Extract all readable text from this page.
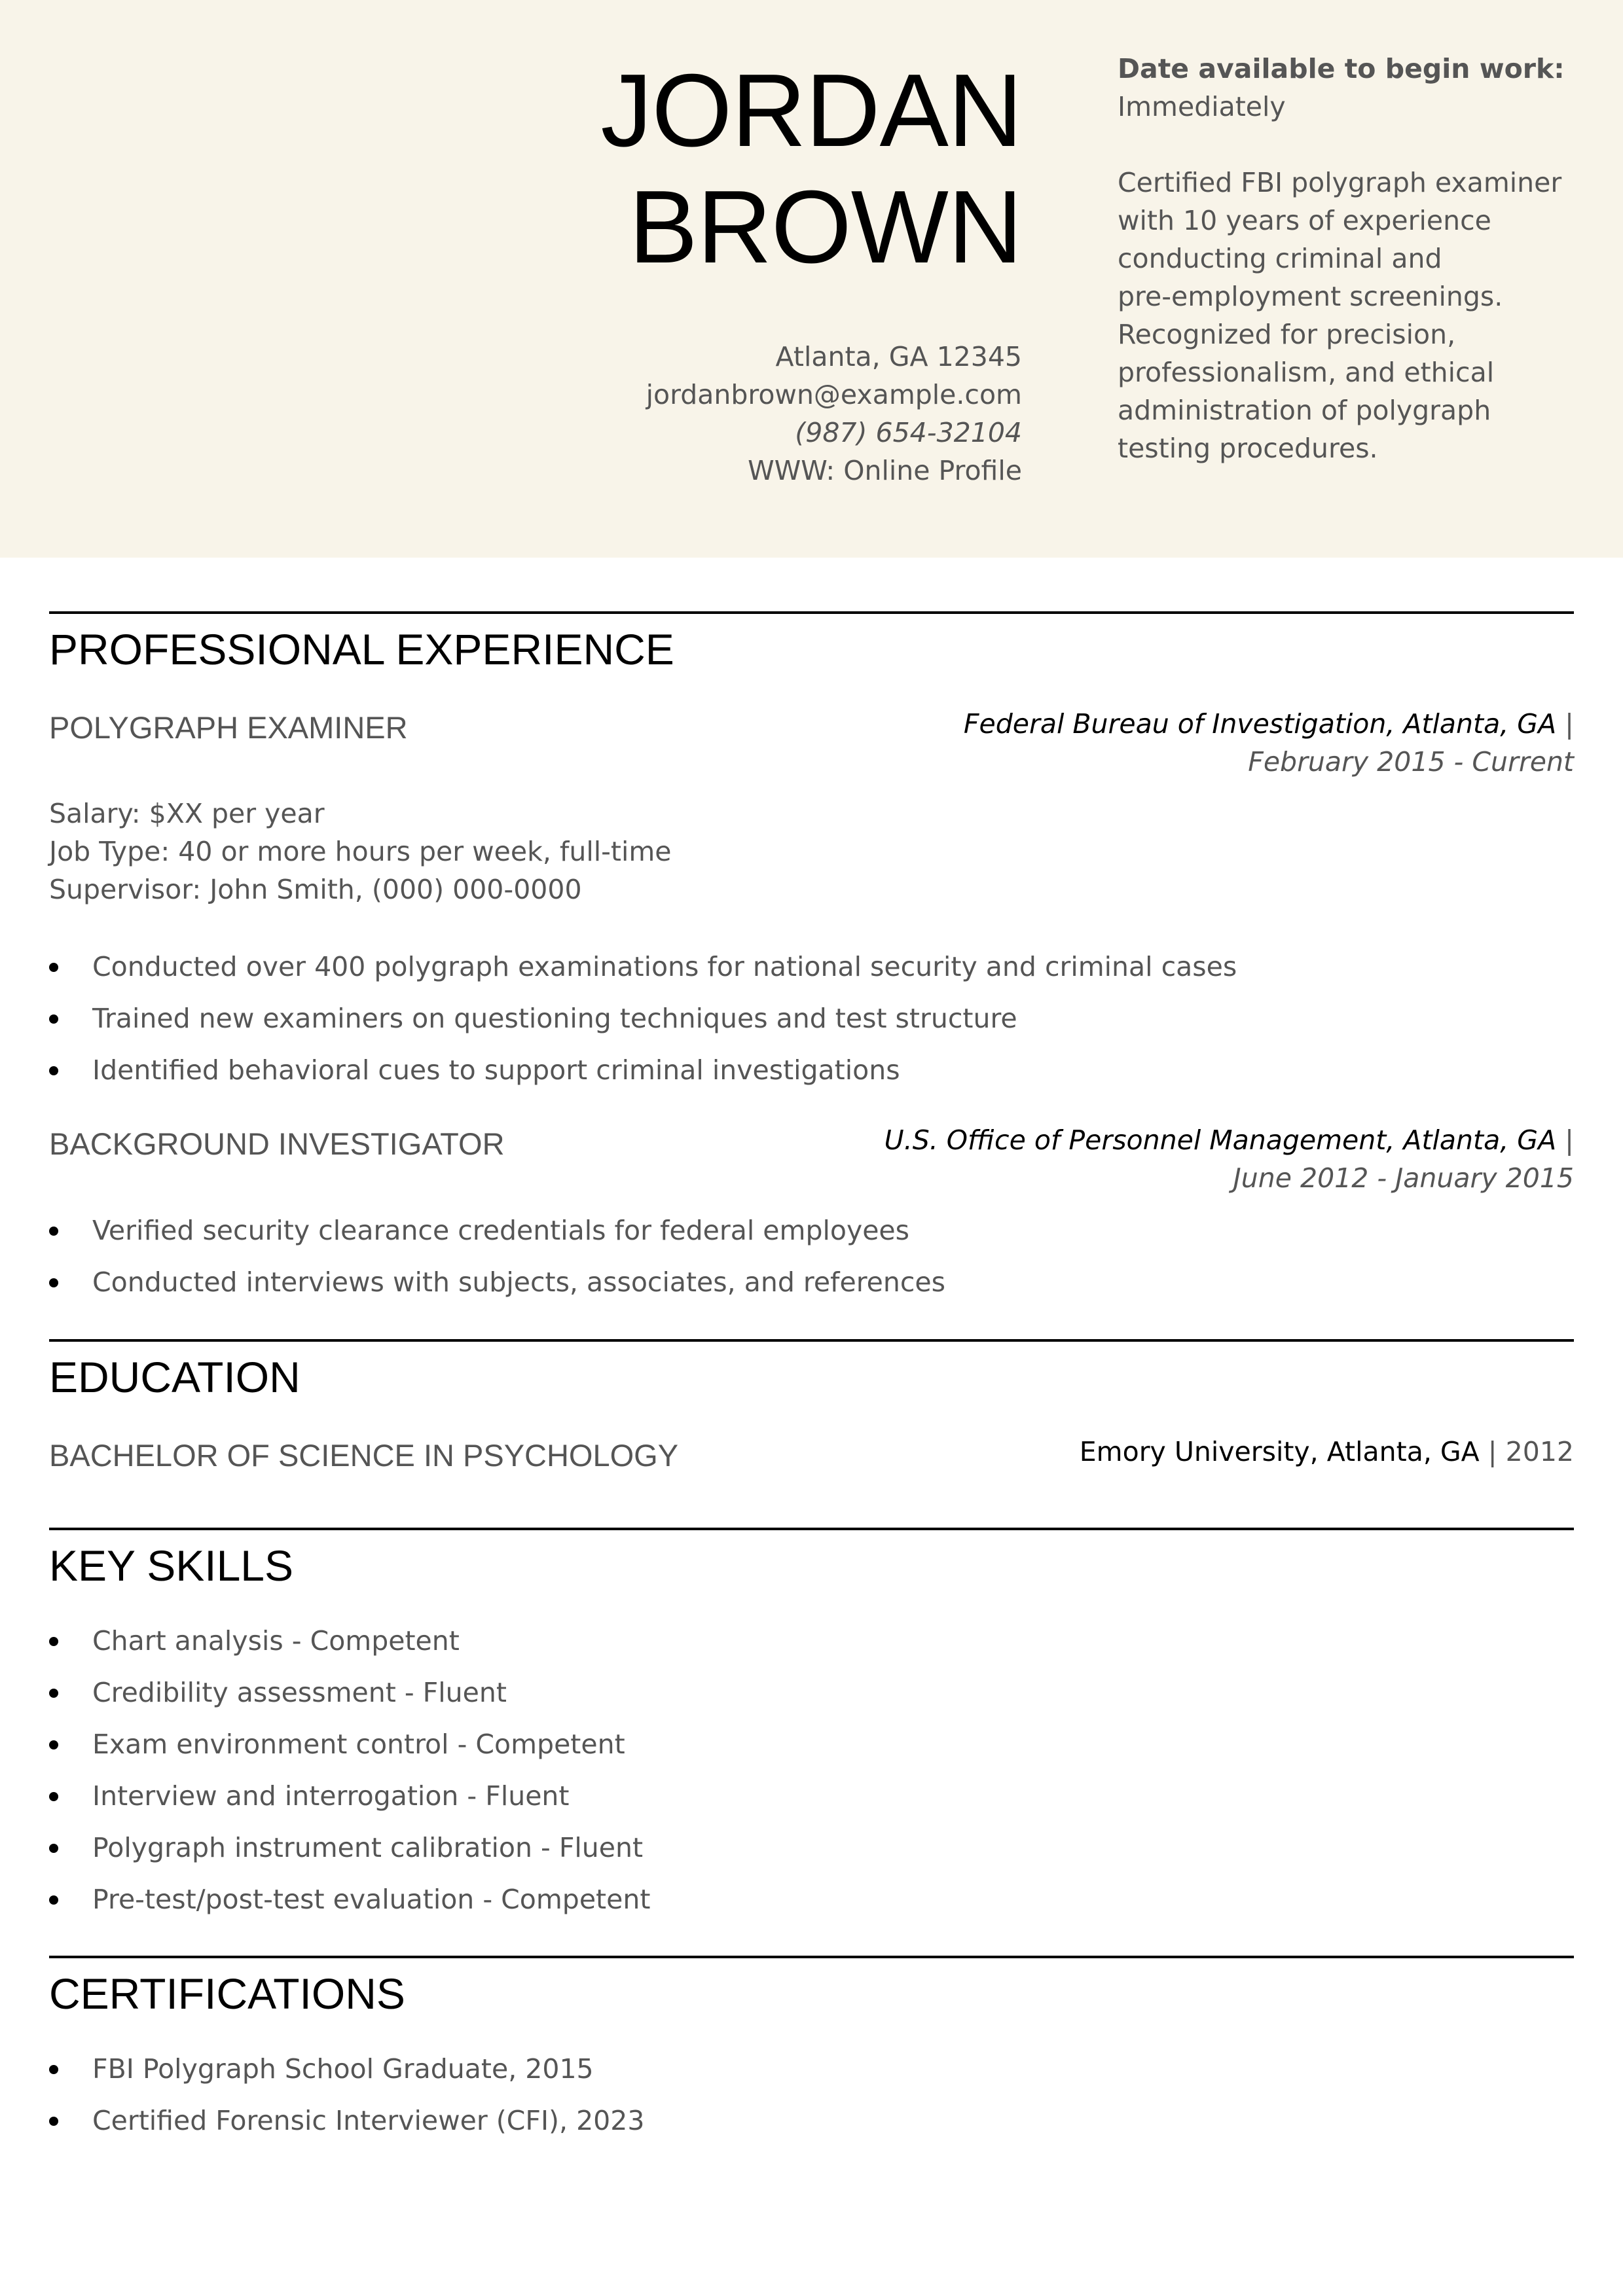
JORDAN
BROWN
Atlanta, GA 12345
jordanbrown@example.com
(987) 654-32104
WWW: Online Profile
Date available to begin work:
Immediately
Certified FBI polygraph examiner
with 10 years of experience
conducting criminal and
pre-employment screenings.
Recognized for precision,
professionalism, and ethical
administration of polygraph
testing procedures.
PROFESSIONAL EXPERIENCE
POLYGRAPH EXAMINER	Federal Bureau of Investigation, Atlanta, GA |
February 2015 - Current
Salary: $XX per year
Job Type: 40 or more hours per week, full-time
Supervisor: John Smith, (000) 000-0000
Conducted over 400 polygraph examinations for national security and criminal cases
Trained new examiners on questioning techniques and test structure
Identified behavioral cues to support criminal investigations
BACKGROUND INVESTIGATOR	U.S. Office of Personnel Management, Atlanta, GA |
June 2012 - January 2015
Verified security clearance credentials for federal employees
Conducted interviews with subjects, associates, and references
EDUCATION
BACHELOR OF SCIENCE IN PSYCHOLOGY	Emory University, Atlanta, GA | 2012
KEY SKILLS
Chart analysis - Competent
Credibility assessment - Fluent
Exam environment control - Competent
Interview and interrogation - Fluent
Polygraph instrument calibration - Fluent
Pre-test/post-test evaluation - Competent
CERTIFICATIONS
FBI Polygraph School Graduate, 2015
Certified Forensic Interviewer (CFI), 2023
